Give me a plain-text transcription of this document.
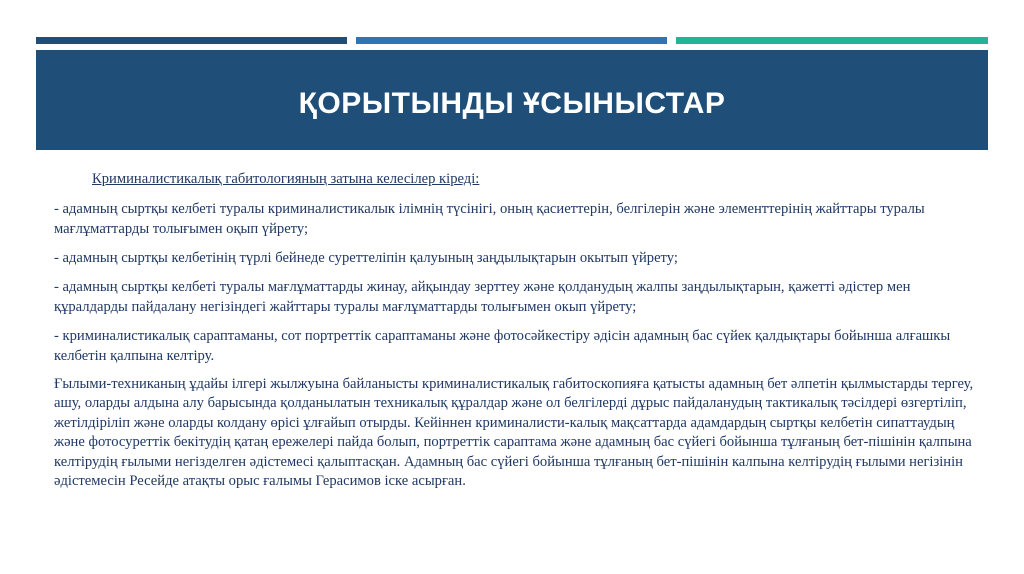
ҚОРЫТЫНДЫ ҰСЫНЫСТАР

Криминалистикалық габитологияның затына келесілер кіреді:

- адамның сыртқы келбеті туралы криминалистикалык ілімнің түсінігі, оның қасиеттерін, белгілерін және элементтерінің жайттары туралы мағлұматтарды толығымен оқып үйрету;

- адамның сыртқы келбетінің түрлі бейнеде суреттеліпін қалуының заңдылықтарын окытып үйрету;

- адамның сыртқы келбеті туралы мағлұматтарды жинау, айқындау зерттеу және қолданудың жалпы заңдылықтарын, қажетті әдістер мен құралдарды пайдалану негізіндегі жайттары туралы мағлұматтарды толығымен окып үйрету;

- криминалистикалық сараптаманы, сот портреттік сараптаманы және фотосәйкестіру әдісін адамның бас сүйек қалдықтары бойынша алғашкы келбетін қалпына келтіру.

Ғылыми-техниканың ұдайы ілгері жылжуына байланысты криминалистикалық габитоскопияға қатысты адамның бет әлпетін қылмыстарды тергеу, ашу, оларды алдына алу барысында қолданылатын техникалық құралдар және ол белгілерді дұрыс пайдаланудың тактикалық тәсілдері өзгертіліп, жетілдіріліп және оларды колдану өрісі ұлғайып отырды. Кейіннен криминалисти-калық мақсаттарда адамдардың сыртқы келбетін сипаттаудың және фотосуреттік бекітудің қатаң ережелері пайда болып, портреттік сараптама және адамның бас сүйегі бойынша тұлғаның бет-пішінін қалпына келтірудің ғылыми негізделген әдістемесі қалыптасқан. Адамның бас сүйегі бойынша тұлғаның бет-пішінін калпына келтірудің ғылыми негізінін әдістемесін Ресейде атақты орыс ғалымы Герасимов іске асырған.
